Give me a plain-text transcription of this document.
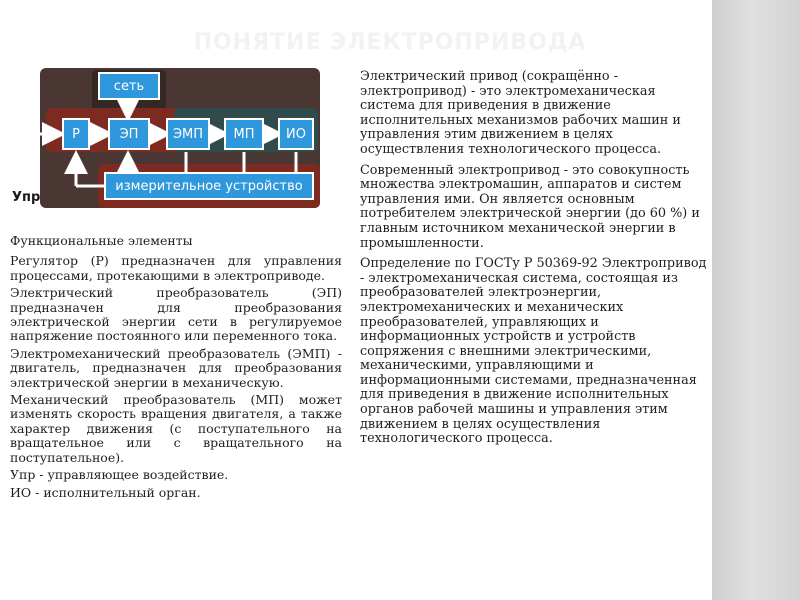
ПОНЯТИЕ ЭЛЕКТРОПРИВОДА
Упр
сеть
Р	ЭП	ЭМП	МП	ИО
измерительное устройство

Функциональные элементы

Регулятор (Р) предназначен для управления процессами, протекающими в электроприводе.

Электрический преобразователь (ЭП) предназначен для преобразования электрической энергии сети в регулируемое напряжение постоянного или переменного тока.

Электромеханический преобразователь (ЭМП) - двигатель, предназначен для преобразования электрической энергии в механическую.

Механический преобразователь (МП) может изменять скорость вращения двигателя, а также характер движения (с поступательного на вращательное или с вращательного на поступательное).

Упр - управляющее воздействие.

ИО - исполнительный орган.

Электрический привод (сокращённо - электропривод) - это электромеханическая система для приведения в движение исполнительных механизмов рабочих машин и управления этим движением в целях осуществления технологического процесса.

Современный электропривод - это совокупность множества электромашин, аппаратов и систем управления ими. Он является основным потребителем электрической энергии (до 60 %) и главным источником механической энергии в промышленности.

Определение по ГОСТу Р 50369-92 Электропривод - электромеханическая система, состоящая из преобразователей электроэнергии, электромеханических и механических преобразователей, управляющих и информационных устройств и устройств сопряжения с внешними электрическими, механическими, управляющими и информационными системами, предназначенная для приведения в движение исполнительных органов рабочей машины и управления этим движением в целях осуществления технологического процесса.
